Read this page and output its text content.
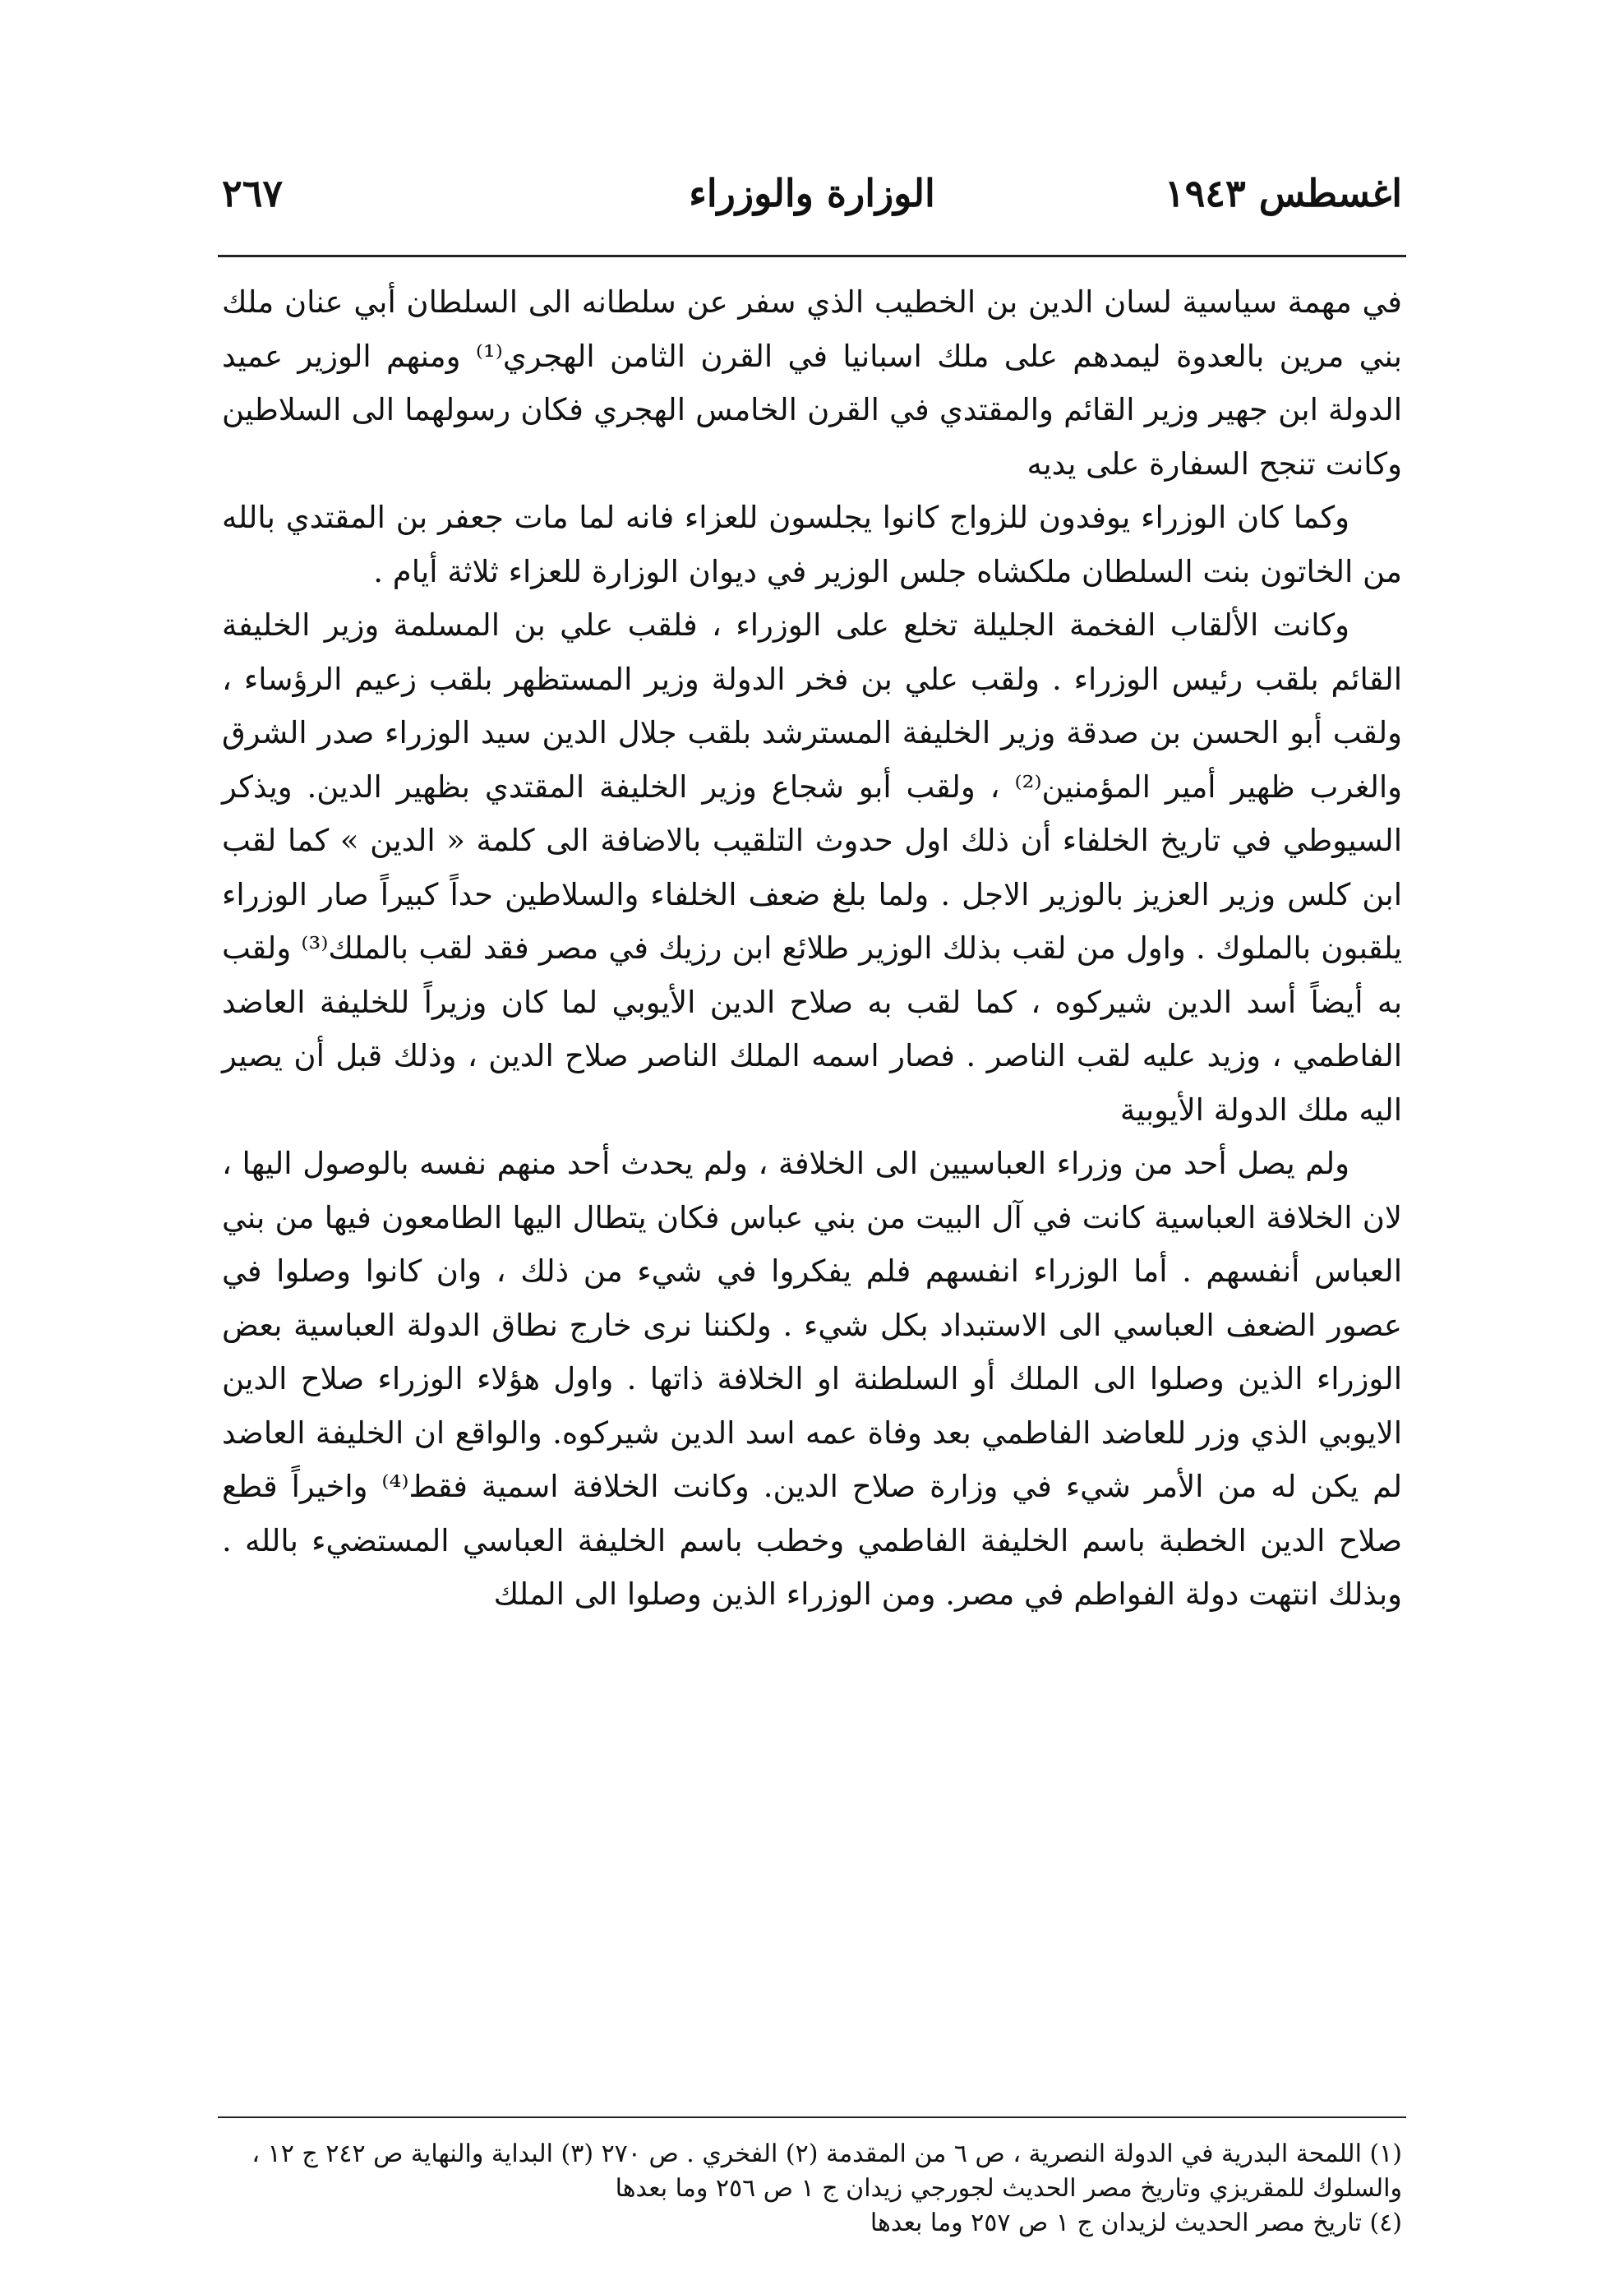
اغسطس ١٩٤٣
الوزارة والوزراء
٢٦٧

في مهمة سياسية لسان الدين بن الخطيب الذي سفر عن سلطانه الى السلطان أبي عنان ملك بني مرين بالعدوة ليمدهم على ملك اسبانيا في القرن الثامن الهجري⁽¹⁾ ومنهم الوزير عميد الدولة ابن جهير وزير القائم والمقتدي في القرن الخامس الهجري فكان رسولهما الى السلاطين وكانت تنجح السفارة على يديه

وكما كان الوزراء يوفدون للزواج كانوا يجلسون للعزاء فانه لما مات جعفر بن المقتدي بالله من الخاتون بنت السلطان ملكشاه جلس الوزير في ديوان الوزارة للعزاء ثلاثة أيام .

وكانت الألقاب الفخمة الجليلة تخلع على الوزراء ، فلقب علي بن المسلمة وزير الخليفة القائم بلقب رئيس الوزراء . ولقب علي بن فخر الدولة وزير المستظهر بلقب زعيم الرؤساء ، ولقب أبو الحسن بن صدقة وزير الخليفة المسترشد بلقب جلال الدين سيد الوزراء صدر الشرق والغرب ظهير أمير المؤمنين⁽²⁾ ، ولقب أبو شجاع وزير الخليفة المقتدي بظهير الدين. ويذكر السيوطي في تاريخ الخلفاء أن ذلك اول حدوث التلقيب بالاضافة الى كلمة « الدين » كما لقب ابن كلس وزير العزيز بالوزير الاجل . ولما بلغ ضعف الخلفاء والسلاطين حداً كبيراً صار الوزراء يلقبون بالملوك . واول من لقب بذلك الوزير طلائع ابن رزيك في مصر فقد لقب بالملك⁽³⁾ ولقب به أيضاً أسد الدين شيركوه ، كما لقب به صلاح الدين الأيوبي لما كان وزيراً للخليفة العاضد الفاطمي ، وزيد عليه لقب الناصر . فصار اسمه الملك الناصر صلاح الدين ، وذلك قبل أن يصير اليه ملك الدولة الأيوبية

ولم يصل أحد من وزراء العباسيين الى الخلافة ، ولم يحدث أحد منهم نفسه بالوصول اليها ، لان الخلافة العباسية كانت في آل البيت من بني عباس فكان يتطال اليها الطامعون فيها من بني العباس أنفسهم . أما الوزراء انفسهم فلم يفكروا في شيء من ذلك ، وان كانوا وصلوا في عصور الضعف العباسي الى الاستبداد بكل شيء . ولكننا نرى خارج نطاق الدولة العباسية بعض الوزراء الذين وصلوا الى الملك أو السلطنة او الخلافة ذاتها . واول هؤلاء الوزراء صلاح الدين الايوبي الذي وزر للعاضد الفاطمي بعد وفاة عمه اسد الدين شيركوه. والواقع ان الخليفة العاضد لم يكن له من الأمر شيء في وزارة صلاح الدين. وكانت الخلافة اسمية فقط⁽⁴⁾ واخيراً قطع صلاح الدين الخطبة باسم الخليفة الفاطمي وخطب باسم الخليفة العباسي المستضيء بالله . وبذلك انتهت دولة الفواطم في مصر. ومن الوزراء الذين وصلوا الى الملك

(١) اللمحة البدرية في الدولة النصرية ، ص ٦ من المقدمة (٢) الفخري . ص ٢٧٠ (٣) البداية والنهاية ص ٢٤٢ ج ١٢ ، والسلوك للمقريزي وتاريخ مصر الحديث لجورجي زيدان ج ١ ص ٢٥٦ وما بعدها

(٤) تاريخ مصر الحديث لزيدان ج ١ ص ٢٥٧ وما بعدها
